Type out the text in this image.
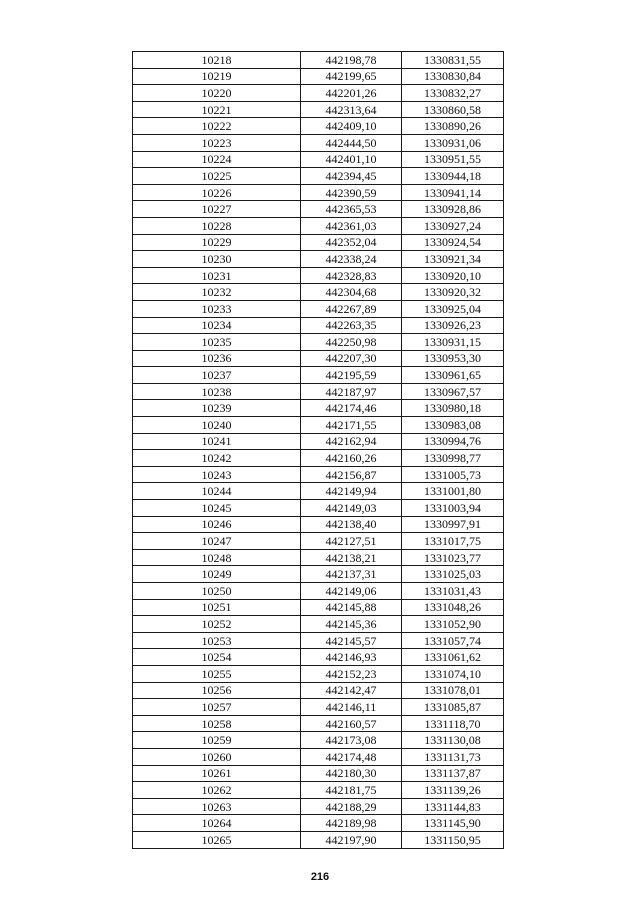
10218	442198,78	1330831,55
10219	442199,65	1330830,84
10220	442201,26	1330832,27
10221	442313,64	1330860,58
10222	442409,10	1330890,26
10223	442444,50	1330931,06
10224	442401,10	1330951,55
10225	442394,45	1330944,18
10226	442390,59	1330941,14
10227	442365,53	1330928,86
10228	442361,03	1330927,24
10229	442352,04	1330924,54
10230	442338,24	1330921,34
10231	442328,83	1330920,10
10232	442304,68	1330920,32
10233	442267,89	1330925,04
10234	442263,35	1330926,23
10235	442250,98	1330931,15
10236	442207,30	1330953,30
10237	442195,59	1330961,65
10238	442187,97	1330967,57
10239	442174,46	1330980,18
10240	442171,55	1330983,08
10241	442162,94	1330994,76
10242	442160,26	1330998,77
10243	442156,87	1331005,73
10244	442149,94	1331001,80
10245	442149,03	1331003,94
10246	442138,40	1330997,91
10247	442127,51	1331017,75
10248	442138,21	1331023,77
10249	442137,31	1331025,03
10250	442149,06	1331031,43
10251	442145,88	1331048,26
10252	442145,36	1331052,90
10253	442145,57	1331057,74
10254	442146,93	1331061,62
10255	442152,23	1331074,10
10256	442142,47	1331078,01
10257	442146,11	1331085,87
10258	442160,57	1331118,70
10259	442173,08	1331130,08
10260	442174,48	1331131,73
10261	442180,30	1331137,87
10262	442181,75	1331139,26
10263	442188,29	1331144,83
10264	442189,98	1331145,90
10265	442197,90	1331150,95
216
